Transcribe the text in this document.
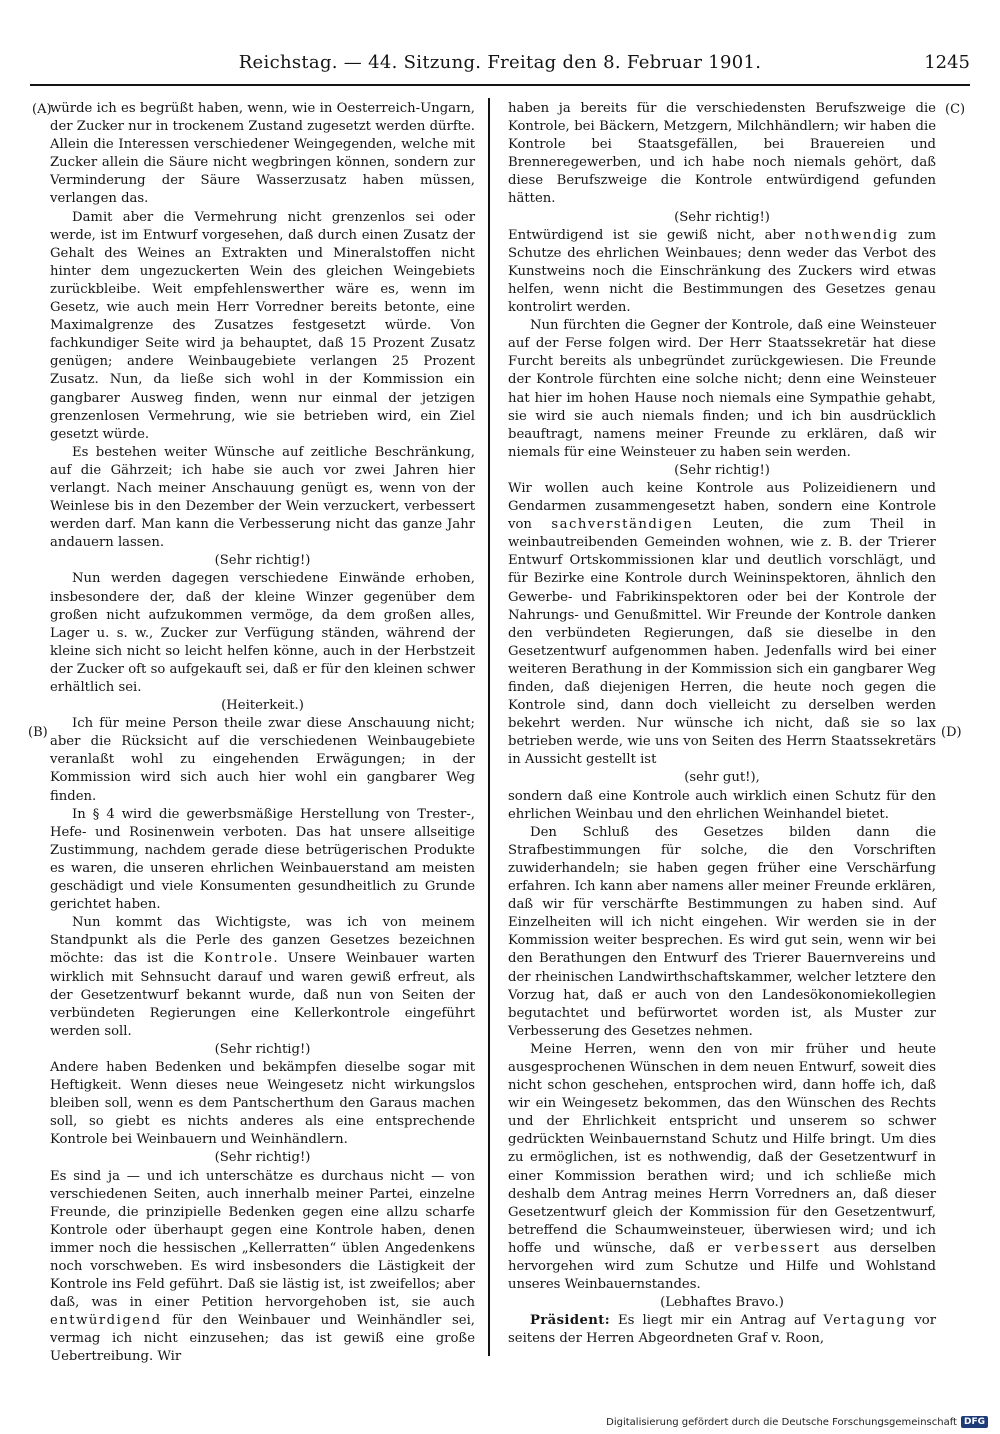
Reichstag. — 44. Sitzung. Freitag den 8. Februar 1901.	1245
(A)
(B)
(C)
(D)

würde ich es begrüßt haben, wenn, wie in Oesterreich-Ungarn, der Zucker nur in trockenem Zustand zugesetzt werden dürfte. Allein die Interessen verschiedener Weingegenden, welche mit Zucker allein die Säure nicht wegbringen können, sondern zur Verminderung der Säure Wasserzusatz haben müssen, verlangen das.

Damit aber die Vermehrung nicht grenzenlos sei oder werde, ist im Entwurf vorgesehen, daß durch einen Zusatz der Gehalt des Weines an Extrakten und Mineralstoffen nicht hinter dem ungezuckerten Wein des gleichen Weingebiets zurückbleibe. Weit empfehlenswerther wäre es, wenn im Gesetz, wie auch mein Herr Vorredner bereits betonte, eine Maximalgrenze des Zusatzes festgesetzt würde. Von fachkundiger Seite wird ja behauptet, daß 15 Prozent Zusatz genügen; andere Weinbaugebiete verlangen 25 Prozent Zusatz. Nun, da ließe sich wohl in der Kommission ein gangbarer Ausweg finden, wenn nur einmal der jetzigen grenzenlosen Vermehrung, wie sie betrieben wird, ein Ziel gesetzt würde.

Es bestehen weiter Wünsche auf zeitliche Beschränkung, auf die Gährzeit; ich habe sie auch vor zwei Jahren hier verlangt. Nach meiner Anschauung genügt es, wenn von der Weinlese bis in den Dezember der Wein verzuckert, verbessert werden darf. Man kann die Verbesserung nicht das ganze Jahr andauern lassen.

(Sehr richtig!)

Nun werden dagegen verschiedene Einwände erhoben, insbesondere der, daß der kleine Winzer gegenüber dem großen nicht aufzukommen vermöge, da dem großen alles, Lager u. s. w., Zucker zur Verfügung ständen, während der kleine sich nicht so leicht helfen könne, auch in der Herbstzeit der Zucker oft so aufgekauft sei, daß er für den kleinen schwer erhältlich sei.

(Heiterkeit.)

Ich für meine Person theile zwar diese Anschauung nicht; aber die Rücksicht auf die verschiedenen Weinbaugebiete veranlaßt wohl zu eingehenden Erwägungen; in der Kommission wird sich auch hier wohl ein gangbarer Weg finden.

In § 4 wird die gewerbsmäßige Herstellung von Trester-, Hefe- und Rosinenwein verboten. Das hat unsere allseitige Zustimmung, nachdem gerade diese betrügerischen Produkte es waren, die unseren ehrlichen Weinbauerstand am meisten geschädigt und viele Konsumenten gesundheitlich zu Grunde gerichtet haben.

Nun kommt das Wichtigste, was ich von meinem Standpunkt als die Perle des ganzen Gesetzes bezeichnen möchte: das ist die Kontrole. Unsere Weinbauer warten wirklich mit Sehnsucht darauf und waren gewiß erfreut, als der Gesetzentwurf bekannt wurde, daß nun von Seiten der verbündeten Regierungen eine Kellerkontrole eingeführt werden soll.

(Sehr richtig!)

Andere haben Bedenken und bekämpfen dieselbe sogar mit Heftigkeit. Wenn dieses neue Weingesetz nicht wirkungslos bleiben soll, wenn es dem Pantscherthum den Garaus machen soll, so giebt es nichts anderes als eine entsprechende Kontrole bei Weinbauern und Weinhändlern.

(Sehr richtig!)

Es sind ja — und ich unterschätze es durchaus nicht — von verschiedenen Seiten, auch innerhalb meiner Partei, einzelne Freunde, die prinzipielle Bedenken gegen eine allzu scharfe Kontrole oder überhaupt gegen eine Kontrole haben, denen immer noch die hessischen „Kellerratten“ üblen Angedenkens noch vorschweben. Es wird insbesonders die Lästigkeit der Kontrole ins Feld geführt. Daß sie lästig ist, ist zweifellos; aber daß, was in einer Petition hervorgehoben ist, sie auch entwürdigend für den Weinbauer und Weinhändler sei, vermag ich nicht einzusehen; das ist gewiß eine große Uebertreibung. Wir

haben ja bereits für die verschiedensten Berufszweige die Kontrole, bei Bäckern, Metzgern, Milchhändlern; wir haben die Kontrole bei Staatsgefällen, bei Brauereien und Brenneregewerben, und ich habe noch niemals gehört, daß diese Berufszweige die Kontrole entwürdigend gefunden hätten.

(Sehr richtig!)

Entwürdigend ist sie gewiß nicht, aber nothwendig zum Schutze des ehrlichen Weinbaues; denn weder das Verbot des Kunstweins noch die Einschränkung des Zuckers wird etwas helfen, wenn nicht die Bestimmungen des Gesetzes genau kontrolirt werden.

Nun fürchten die Gegner der Kontrole, daß eine Weinsteuer auf der Ferse folgen wird. Der Herr Staatssekretär hat diese Furcht bereits als unbegründet zurückgewiesen. Die Freunde der Kontrole fürchten eine solche nicht; denn eine Weinsteuer hat hier im hohen Hause noch niemals eine Sympathie gehabt, sie wird sie auch niemals finden; und ich bin ausdrücklich beauftragt, namens meiner Freunde zu erklären, daß wir niemals für eine Weinsteuer zu haben sein werden.

(Sehr richtig!)

Wir wollen auch keine Kontrole aus Polizeidienern und Gendarmen zusammengesetzt haben, sondern eine Kontrole von sachverständigen Leuten, die zum Theil in weinbautreibenden Gemeinden wohnen, wie z. B. der Trierer Entwurf Ortskommissionen klar und deutlich vorschlägt, und für Bezirke eine Kontrole durch Weininspektoren, ähnlich den Gewerbe- und Fabrikinspektoren oder bei der Kontrole der Nahrungs- und Genußmittel. Wir Freunde der Kontrole danken den verbündeten Regierungen, daß sie dieselbe in den Gesetzentwurf aufgenommen haben. Jedenfalls wird bei einer weiteren Berathung in der Kommission sich ein gangbarer Weg finden, daß diejenigen Herren, die heute noch gegen die Kontrole sind, dann doch vielleicht zu derselben werden bekehrt werden. Nur wünsche ich nicht, daß sie so lax betrieben werde, wie uns von Seiten des Herrn Staatssekretärs in Aussicht gestellt ist

(sehr gut!),

sondern daß eine Kontrole auch wirklich einen Schutz für den ehrlichen Weinbau und den ehrlichen Weinhandel bietet.

Den Schluß des Gesetzes bilden dann die Strafbestimmungen für solche, die den Vorschriften zuwiderhandeln; sie haben gegen früher eine Verschärfung erfahren. Ich kann aber namens aller meiner Freunde erklären, daß wir für verschärfte Bestimmungen zu haben sind. Auf Einzelheiten will ich nicht eingehen. Wir werden sie in der Kommission weiter besprechen. Es wird gut sein, wenn wir bei den Berathungen den Entwurf des Trierer Bauernvereins und der rheinischen Landwirthschaftskammer, welcher letztere den Vorzug hat, daß er auch von den Landesökonomiekollegien begutachtet und befürwortet worden ist, als Muster zur Verbesserung des Gesetzes nehmen.

Meine Herren, wenn den von mir früher und heute ausgesprochenen Wünschen in dem neuen Entwurf, soweit dies nicht schon geschehen, entsprochen wird, dann hoffe ich, daß wir ein Weingesetz bekommen, das den Wünschen des Rechts und der Ehrlichkeit entspricht und unserem so schwer gedrückten Weinbauernstand Schutz und Hilfe bringt. Um dies zu ermöglichen, ist es nothwendig, daß der Gesetzentwurf in einer Kommission berathen wird; und ich schließe mich deshalb dem Antrag meines Herrn Vorredners an, daß dieser Gesetzentwurf gleich der Kommission für den Gesetzentwurf, betreffend die Schaumweinsteuer, überwiesen wird; und ich hoffe und wünsche, daß er verbessert aus derselben hervorgehen wird zum Schutze und Hilfe und Wohlstand unseres Weinbauernstandes.

(Lebhaftes Bravo.)

Präsident: Es liegt mir ein Antrag auf Vertagung vor seitens der Herren Abgeordneten Graf v. Roon,

Digitalisierung gefördert durch die Deutsche Forschungsgemeinschaft DFG
